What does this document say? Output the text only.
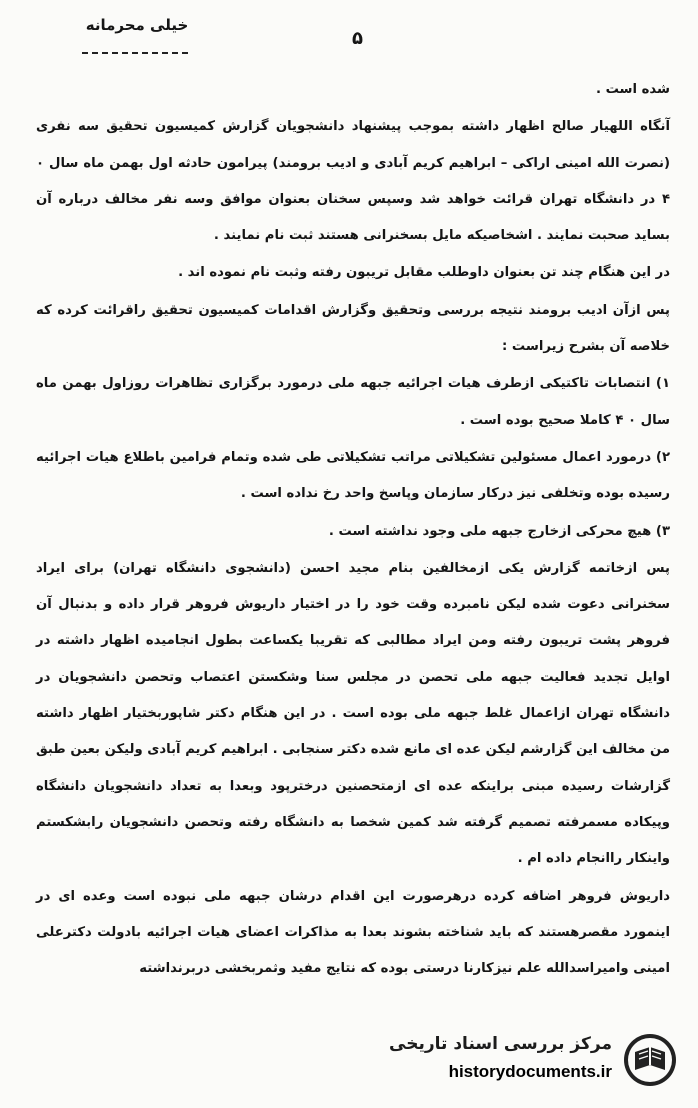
خیلی محرمانه
۵

شده است .

آنگاه اللهیار صالح اظهار داشته بموجب پیشنهاد دانشجویان گزارش کمیسیون تحقیق سه نفری (نصرت الله امینی اراکی – ابراهیم کریم آبادی و ادیب برومند) پیرامون حادثه اول بهمن ماه سال ۰ ۴ در دانشگاه تهران قرائت خواهد شد وسپس سخنان بعنوان موافق وسه نفر مخالف درباره آن بساید صحبت نمایند . اشخاصیکه مایل بسخنرانی هستند ثبت نام نمایند .

در این هنگام چند تن بعنوان داوطلب مقابل تریبون رفته وثبت نام نموده اند .

پس ازآن ادیب برومند نتیجه بررسی وتحقیق وگزارش اقدامات کمیسیون تحقیق راقرائت کرده که خلاصه آن بشرح زیراست :

۱) انتصابات تاکتیکی ازطرف هیات اجرائیه جبهه ملی درمورد برگزاری تظاهرات روزاول بهمن ماه سال ۰ ۴ کاملا صحیح بوده است .

۲) درمورد اعمال مسئولین تشکیلاتی مراتب تشکیلاتی طی شده وتمام فرامین باطلاع هیات اجرائیه رسیده بوده وتخلفی نیز درکار سازمان وپاسخ واحد رخ نداده است .

۳) هیچ محرکی ازخارج جبهه ملی وجود نداشته است .

پس ازخاتمه گزارش یکی ازمخالفین بنام مجید احسن (دانشجوی دانشگاه تهران) برای ایراد سخنرانی دعوت شده لیکن نامبرده وقت خود را در اختیار داریوش فروهر قرار داده و بدنبال آن فروهر پشت تریبون رفته ومن ایراد مطالبی که تقریبا یکساعت بطول انجامیده اظهار داشته در اوایل تجدید فعالیت جبهه ملی تحصن در مجلس سنا وشکستن اعتصاب وتحصن دانشجویان در دانشگاه تهران ازاعمال غلط جبهه ملی بوده است . در این هنگام دکتر شاپوربختیار اظهار داشته من مخالف این گزارشم لیکن عده ای مانع شده دکتر سنجابی . ابراهیم کریم آبادی ولیکن بعین طبق گزارشات رسیده مبنی براینکه عده ای ازمتحصنین درخترپود وبعدا به تعداد دانشجویان دانشگاه وپیکاده مسمرفته تصمیم گرفته شد کمین شخصا به دانشگاه رفته وتحصن دانشجویان رابشکستم واینکار راانجام داده ام .

داریوش فروهر اضافه کرده درهرصورت این اقدام درشان جبهه ملی نبوده است وعده ای در اینمورد مقصرهستند که باید شناخته بشوند بعدا به مذاکرات اعضای هیات اجرائیه بادولت دکترعلی امینی وامیراسدالله علم نیزکارنا درستی بوده که نتایج مفید وثمربخشی دربرنداشته

مرکز بررسی اسناد تاریخی
historydocuments.ir
